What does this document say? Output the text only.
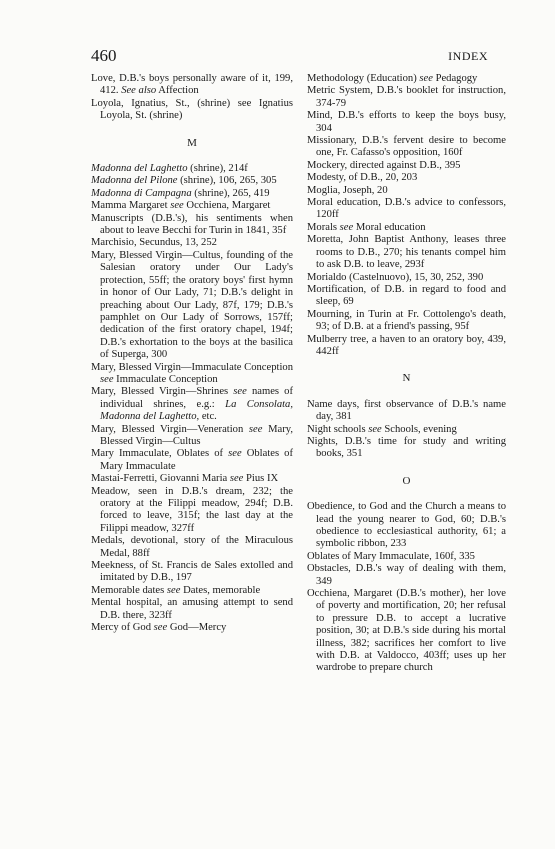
460	INDEX

Love, D.B.'s boys personally aware of it, 199, 412. See also Affection

Loyola, Ignatius, St., (shrine) see Ignatius Loyola, St. (shrine)

M

Madonna del Laghetto (shrine), 214f

Madonna del Pilone (shrine), 106, 265, 305

Madonna di Campagna (shrine), 265, 419

Mamma Margaret see Occhiena, Margaret

Manuscripts (D.B.'s), his sentiments when about to leave Becchi for Turin in 1841, 35f

Marchisio, Secundus, 13, 252

Mary, Blessed Virgin—Cultus, founding of the Salesian oratory under Our Lady's protection, 55ff; the oratory boys' first hymn in honor of Our Lady, 71; D.B.'s delight in preaching about Our Lady, 87f, 179; D.B.'s pamphlet on Our Lady of Sorrows, 157ff; dedication of the first oratory chapel, 194f; D.B.'s exhortation to the boys at the basilica of Superga, 300

Mary, Blessed Virgin—Immaculate Conception see Immaculate Conception

Mary, Blessed Virgin—Shrines see names of individual shrines, e.g.: La Consolata, Madonna del Laghetto, etc.

Mary, Blessed Virgin—Veneration see Mary, Blessed Virgin—Cultus

Mary Immaculate, Oblates of see Oblates of Mary Immaculate

Mastai-Ferretti, Giovanni Maria see Pius IX

Meadow, seen in D.B.'s dream, 232; the oratory at the Filippi meadow, 294f; D.B. forced to leave, 315f; the last day at the Filippi meadow, 327ff

Medals, devotional, story of the Miraculous Medal, 88ff

Meekness, of St. Francis de Sales extolled and imitated by D.B., 197

Memorable dates see Dates, memorable

Mental hospital, an amusing attempt to send D.B. there, 323ff

Mercy of God see God—Mercy

Methodology (Education) see Pedagogy

Metric System, D.B.'s booklet for instruction, 374-79

Mind, D.B.'s efforts to keep the boys busy, 304

Missionary, D.B.'s fervent desire to become one, Fr. Cafasso's opposition, 160f

Mockery, directed against D.B., 395

Modesty, of D.B., 20, 203

Moglia, Joseph, 20

Moral education, D.B.'s advice to confessors, 120ff

Morals see Moral education

Moretta, John Baptist Anthony, leases three rooms to D.B., 270; his tenants compel him to ask D.B. to leave, 293f

Morialdo (Castelnuovo), 15, 30, 252, 390

Mortification, of D.B. in regard to food and sleep, 69

Mourning, in Turin at Fr. Cottolengo's death, 93; of D.B. at a friend's passing, 95f

Mulberry tree, a haven to an oratory boy, 439, 442ff

N

Name days, first observance of D.B.'s name day, 381

Night schools see Schools, evening

Nights, D.B.'s time for study and writing books, 351

O

Obedience, to God and the Church a means to lead the young nearer to God, 60; D.B.'s obedience to ecclesiastical authority, 61; a symbolic ribbon, 233

Oblates of Mary Immaculate, 160f, 335

Obstacles, D.B.'s way of dealing with them, 349

Occhiena, Margaret (D.B.'s mother), her love of poverty and mortification, 20; her refusal to pressure D.B. to accept a lucrative position, 30; at D.B.'s side during his mortal illness, 382; sacrifices her comfort to live with D.B. at Valdocco, 403ff; uses up her wardrobe to prepare church
